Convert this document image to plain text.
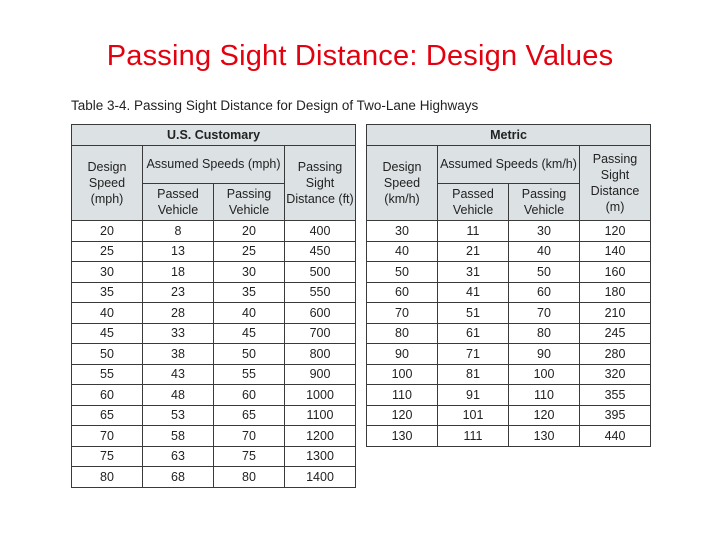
Passing Sight Distance: Design Values
Table 3-4. Passing Sight Distance for Design of Two-Lane Highways
U.S. Customary			
Design Speed (mph)	Assumed Speeds (mph)		Passing Sight Distance (ft)
	Passed Vehicle	Passing Vehicle	
20	8	20	400
25	13	25	450
30	18	30	500
35	23	35	550
40	28	40	600
45	33	45	700
50	38	50	800
55	43	55	900
60	48	60	1000
65	53	65	1100
70	58	70	1200
75	63	75	1300
80	68	80	1400
Metric			
Design Speed (km/h)	Assumed Speeds (km/h)		Passing Sight Distance (m)
	Passed Vehicle	Passing Vehicle	
30	11	30	120
40	21	40	140
50	31	50	160
60	41	60	180
70	51	70	210
80	61	80	245
90	71	90	280
100	81	100	320
110	91	110	355
120	101	120	395
130	111	130	440
